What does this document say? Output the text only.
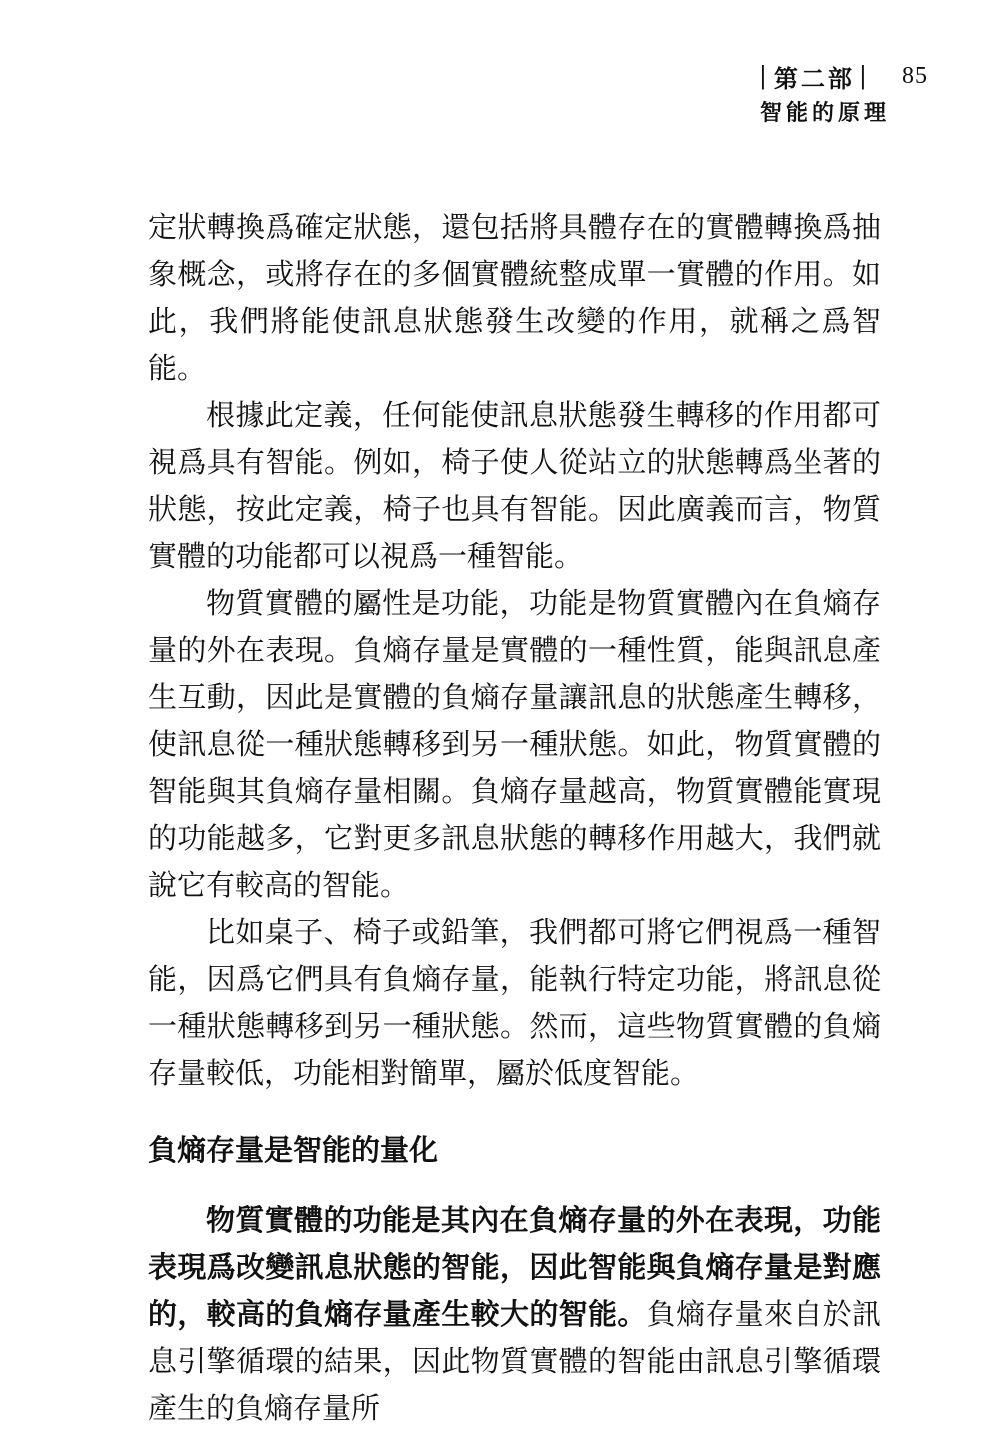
| 第二部 | 85
智能的原理

定狀轉換爲確定狀態，還包括將具體存在的實體轉換爲抽象概念，或將存在的多個實體統整成單一實體的作用。如此，我們將能使訊息狀態發生改變的作用，就稱之爲智能。

根據此定義，任何能使訊息狀態發生轉移的作用都可視爲具有智能。例如，椅子使人從站立的狀態轉爲坐著的狀態，按此定義，椅子也具有智能。因此廣義而言，物質實體的功能都可以視爲一種智能。

物質實體的屬性是功能，功能是物質實體內在負熵存量的外在表現。負熵存量是實體的一種性質，能與訊息產生互動，因此是實體的負熵存量讓訊息的狀態產生轉移，使訊息從一種狀態轉移到另一種狀態。如此，物質實體的智能與其負熵存量相關。負熵存量越高，物質實體能實現的功能越多，它對更多訊息狀態的轉移作用越大，我們就說它有較高的智能。

比如桌子、椅子或鉛筆，我們都可將它們視爲一種智能，因爲它們具有負熵存量，能執行特定功能，將訊息從一種狀態轉移到另一種狀態。然而，這些物質實體的負熵存量較低，功能相對簡單，屬於低度智能。

負熵存量是智能的量化

物質實體的功能是其內在負熵存量的外在表現，功能表現爲改變訊息狀態的智能，因此智能與負熵存量是對應的，較高的負熵存量產生較大的智能。負熵存量來自於訊息引擎循環的結果，因此物質實體的智能由訊息引擎循環產生的負熵存量所
